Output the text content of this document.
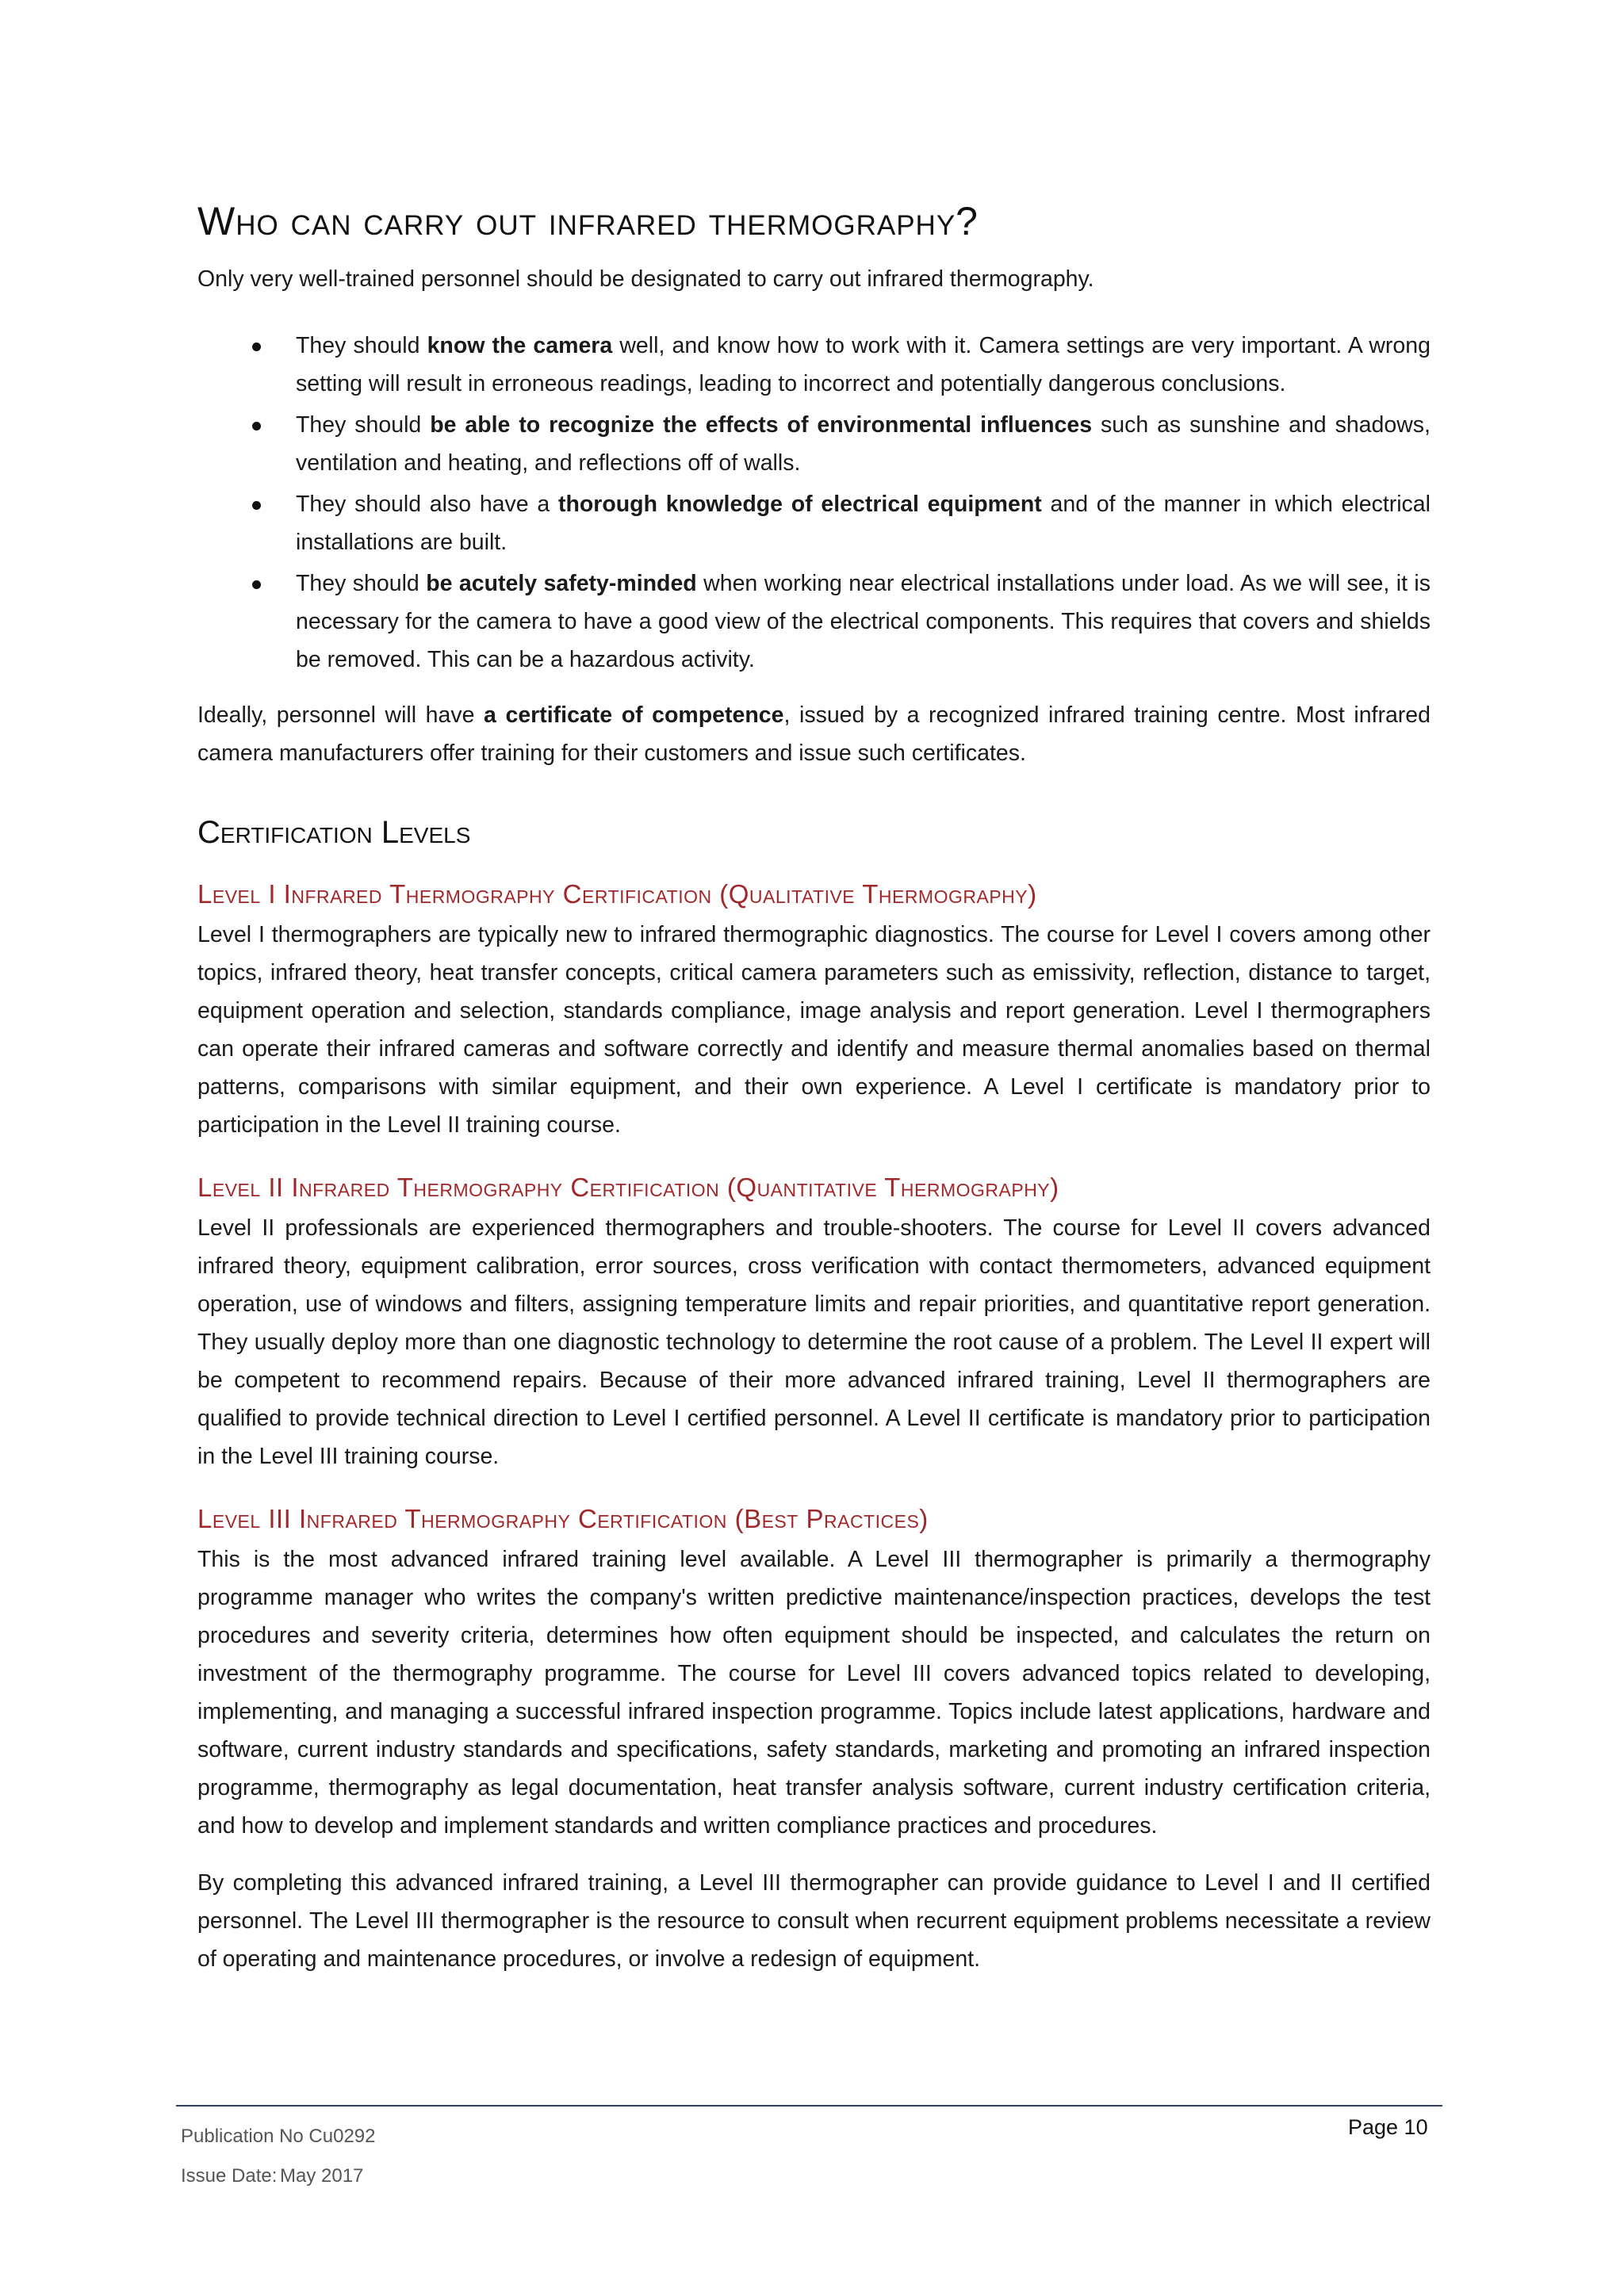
Who can carry out infrared thermography?

Only very well-trained personnel should be designated to carry out infrared thermography.

They should know the camera well, and know how to work with it. Camera settings are very important. A wrong setting will result in erroneous readings, leading to incorrect and potentially dangerous conclusions.
They should be able to recognize the effects of environmental influences such as sunshine and shadows, ventilation and heating, and reflections off of walls.
They should also have a thorough knowledge of electrical equipment and of the manner in which electrical installations are built.
They should be acutely safety-minded when working near electrical installations under load. As we will see, it is necessary for the camera to have a good view of the electrical components. This requires that covers and shields be removed. This can be a hazardous activity.

Ideally, personnel will have a certificate of competence, issued by a recognized infrared training centre. Most infrared camera manufacturers offer training for their customers and issue such certificates.

Certification Levels
Level I Infrared Thermography Certification (Qualitative Thermography)

Level I thermographers are typically new to infrared thermographic diagnostics. The course for Level I covers among other topics, infrared theory, heat transfer concepts, critical camera parameters such as emissivity, reflection, distance to target, equipment operation and selection, standards compliance, image analysis and report generation. Level I thermographers can operate their infrared cameras and software correctly and identify and measure thermal anomalies based on thermal patterns, comparisons with similar equipment, and their own experience. A Level I certificate is mandatory prior to participation in the Level II training course.

Level II Infrared Thermography Certification (Quantitative Thermography)

Level II professionals are experienced thermographers and trouble-shooters. The course for Level II covers advanced infrared theory, equipment calibration, error sources, cross verification with contact thermometers, advanced equipment operation, use of windows and filters, assigning temperature limits and repair priorities, and quantitative report generation. They usually deploy more than one diagnostic technology to determine the root cause of a problem. The Level II expert will be competent to recommend repairs. Because of their more advanced infrared training, Level II thermographers are qualified to provide technical direction to Level I certified personnel. A Level II certificate is mandatory prior to participation in the Level III training course.

Level III Infrared Thermography Certification (Best Practices)

This is the most advanced infrared training level available. A Level III thermographer is primarily a thermography programme manager who writes the company's written predictive maintenance/inspection practices, develops the test procedures and severity criteria, determines how often equipment should be inspected, and calculates the return on investment of the thermography programme. The course for Level III covers advanced topics related to developing, implementing, and managing a successful infrared inspection programme. Topics include latest applications, hardware and software, current industry standards and specifications, safety standards, marketing and promoting an infrared inspection programme, thermography as legal documentation, heat transfer analysis software, current industry certification criteria, and how to develop and implement standards and written compliance practices and procedures.

By completing this advanced infrared training, a Level III thermographer can provide guidance to Level I and II certified personnel. The Level III thermographer is the resource to consult when recurrent equipment problems necessitate a review of operating and maintenance procedures, or involve a redesign of equipment.

Publication No Cu0292
Issue Date: May 2017
Page 10
